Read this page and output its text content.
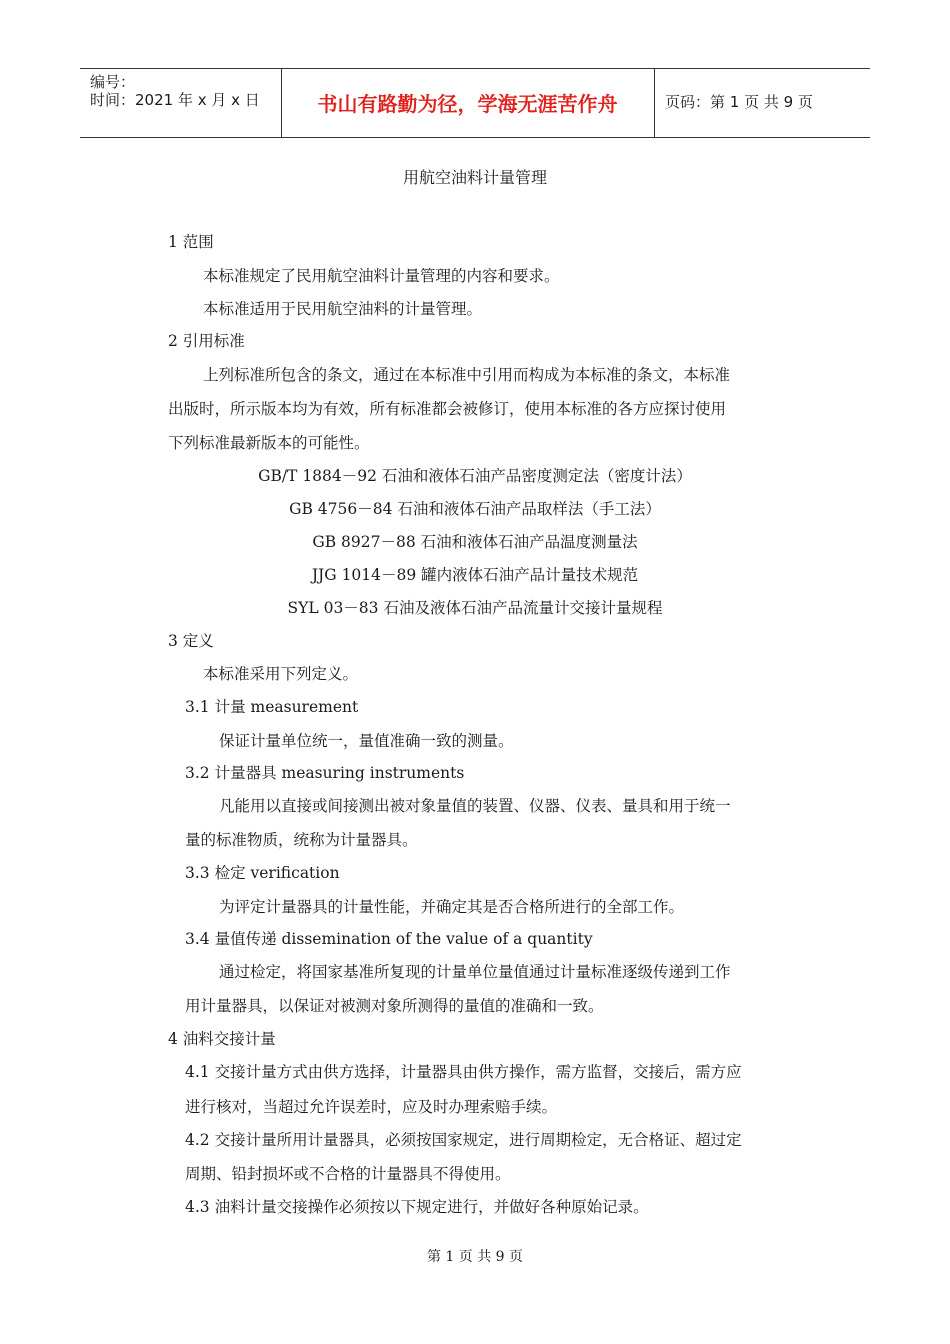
编号：
时间：2021 年 x 月 x 日	书山有路勤为径，学海无涯苦作舟	页码：第 1 页 共 9 页
用航空油料计量管理
1 范围
本标准规定了民用航空油料计量管理的内容和要求。
本标准适用于民用航空油料的计量管理。
2 引用标准
上列标准所包含的条文，通过在本标准中引用而构成为本标准的条文，本标准
出版时，所示版本均为有效，所有标准都会被修订，使用本标准的各方应探讨使用
下列标准最新版本的可能性。
GB/T 1884－92 石油和液体石油产品密度测定法（密度计法）
GB 4756－84 石油和液体石油产品取样法（手工法）
GB 8927－88 石油和液体石油产品温度测量法
JJG 1014－89 罐内液体石油产品计量技术规范
SYL 03－83 石油及液体石油产品流量计交接计量规程
3 定义
本标准采用下列定义。
3.1 计量 measurement
保证计量单位统一，量值准确一致的测量。
3.2 计量器具 measuring instruments
凡能用以直接或间接测出被对象量值的装置、仪器、仪表、量具和用于统一
量的标准物质，统称为计量器具。
3.3 检定 verification
为评定计量器具的计量性能，并确定其是否合格所进行的全部工作。
3.4 量值传递 dissemination of the value of a quantity
通过检定，将国家基准所复现的计量单位量值通过计量标准逐级传递到工作
用计量器具，以保证对被测对象所测得的量值的准确和一致。
4 油料交接计量
4.1 交接计量方式由供方选择，计量器具由供方操作，需方监督，交接后，需方应
进行核对，当超过允许误差时，应及时办理索赔手续。
4.2 交接计量所用计量器具，必须按国家规定，进行周期检定，无合格证、超过定
周期、铅封损坏或不合格的计量器具不得使用。
4.3 油料计量交接操作必须按以下规定进行，并做好各种原始记录。
第 1 页 共 9 页
